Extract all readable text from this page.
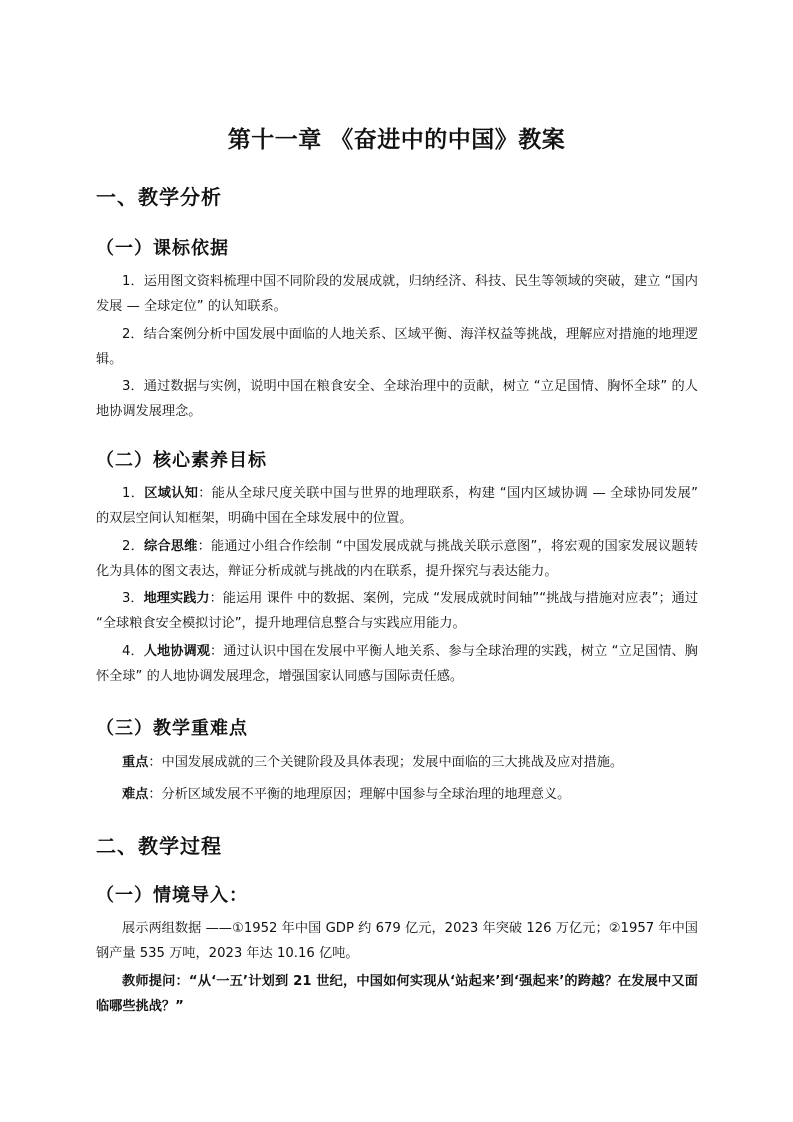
第十一章 《奋进中的中国》教案
一、教学分析
（一）课标依据
1．运用图文资料梳理中国不同阶段的发展成就，归纳经济、科技、民生等领域的突破，建立 “国内发展 — 全球定位” 的认知联系。
2．结合案例分析中国发展中面临的人地关系、区域平衡、海洋权益等挑战，理解应对措施的地理逻辑。
3．通过数据与实例，说明中国在粮食安全、全球治理中的贡献，树立 “立足国情、胸怀全球” 的人地协调发展理念。
（二）核心素养目标
1．区域认知：能从全球尺度关联中国与世界的地理联系，构建 “国内区域协调 — 全球协同发展” 的双层空间认知框架，明确中国在全球发展中的位置。
2．综合思维：能通过小组合作绘制 “中国发展成就与挑战关联示意图”，将宏观的国家发展议题转化为具体的图文表达，辩证分析成就与挑战的内在联系，提升探究与表达能力。
3．地理实践力：能运用 课件 中的数据、案例，完成 “发展成就时间轴”“挑战与措施对应表”；通过 “全球粮食安全模拟讨论”，提升地理信息整合与实践应用能力。
4．人地协调观：通过认识中国在发展中平衡人地关系、参与全球治理的实践，树立 “立足国情、胸怀全球” 的人地协调发展理念，增强国家认同感与国际责任感。
（三）教学重难点
重点：中国发展成就的三个关键阶段及具体表现；发展中面临的三大挑战及应对措施。
难点：分析区域发展不平衡的地理原因；理解中国参与全球治理的地理意义。
二、教学过程
（一）情境导入：
展示两组数据 ——①1952 年中国 GDP 约 679 亿元，2023 年突破 126 万亿元；②1957 年中国钢产量 535 万吨，2023 年达 10.16 亿吨。
教师提问：“从‘一五’计划到 21 世纪，中国如何实现从‘站起来’到‘强起来’的跨越？在发展中又面临哪些挑战？”
